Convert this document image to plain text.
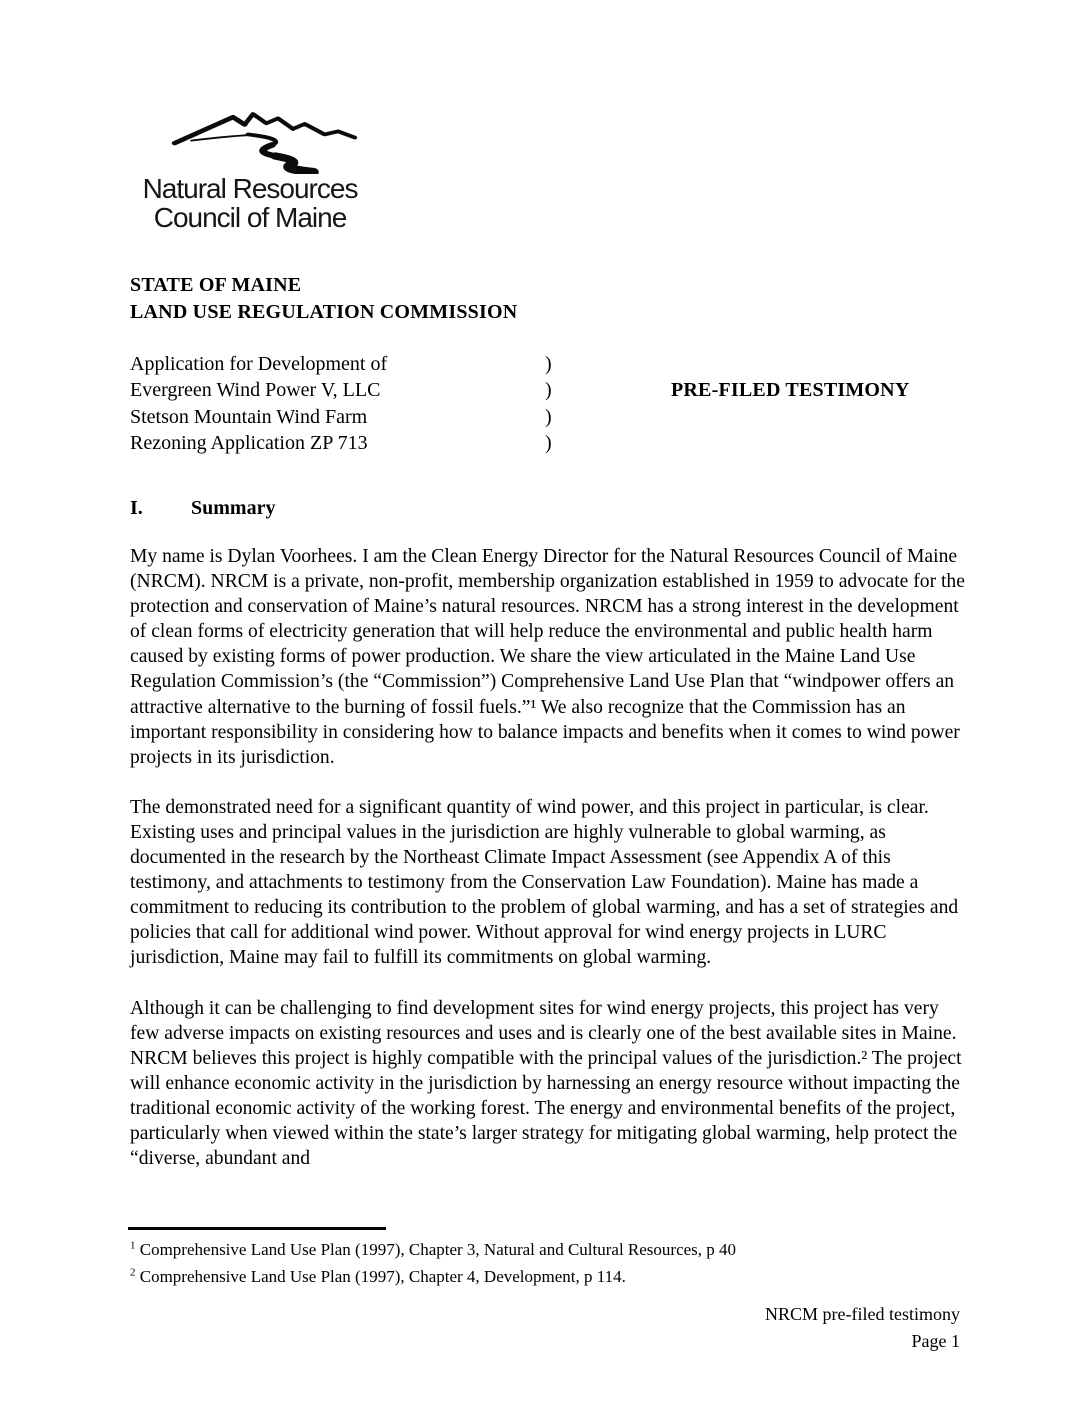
Natural Resources
Council of Maine
STATE OF MAINE
LAND USE REGULATION COMMISSION
Application for Development of	)
Evergreen Wind Power V, LLC	)
Stetson Mountain Wind Farm	)
Rezoning Application ZP 713	)
PRE-FILED TESTIMONY
I. Summary

My name is Dylan Voorhees. I am the Clean Energy Director for the Natural Resources Council of Maine (NRCM). NRCM is a private, non-profit, membership organization established in 1959 to advocate for the protection and conservation of Maine’s natural resources. NRCM has a strong interest in the development of clean forms of electricity generation that will help reduce the environmental and public health harm caused by existing forms of power production. We share the view articulated in the Maine Land Use Regulation Commission’s (the “Commission”) Comprehensive Land Use Plan that “windpower offers an attractive alternative to the burning of fossil fuels.”¹ We also recognize that the Commission has an important responsibility in considering how to balance impacts and benefits when it comes to wind power projects in its jurisdiction.

The demonstrated need for a significant quantity of wind power, and this project in particular, is clear. Existing uses and principal values in the jurisdiction are highly vulnerable to global warming, as documented in the research by the Northeast Climate Impact Assessment (see Appendix A of this testimony, and attachments to testimony from the Conservation Law Foundation). Maine has made a commitment to reducing its contribution to the problem of global warming, and has a set of strategies and policies that call for additional wind power. Without approval for wind energy projects in LURC jurisdiction, Maine may fail to fulfill its commitments on global warming.

Although it can be challenging to find development sites for wind energy projects, this project has very few adverse impacts on existing resources and uses and is clearly one of the best available sites in Maine. NRCM believes this project is highly compatible with the principal values of the jurisdiction.² The project will enhance economic activity in the jurisdiction by harnessing an energy resource without impacting the traditional economic activity of the working forest. The energy and environmental benefits of the project, particularly when viewed within the state’s larger strategy for mitigating global warming, help protect the “diverse, abundant and

$^1$ Comprehensive Land Use Plan (1997), Chapter 3, Natural and Cultural Resources, p 40
$^2$ Comprehensive Land Use Plan (1997), Chapter 4, Development, p 114.
NRCM pre-filed testimony
Page 1
